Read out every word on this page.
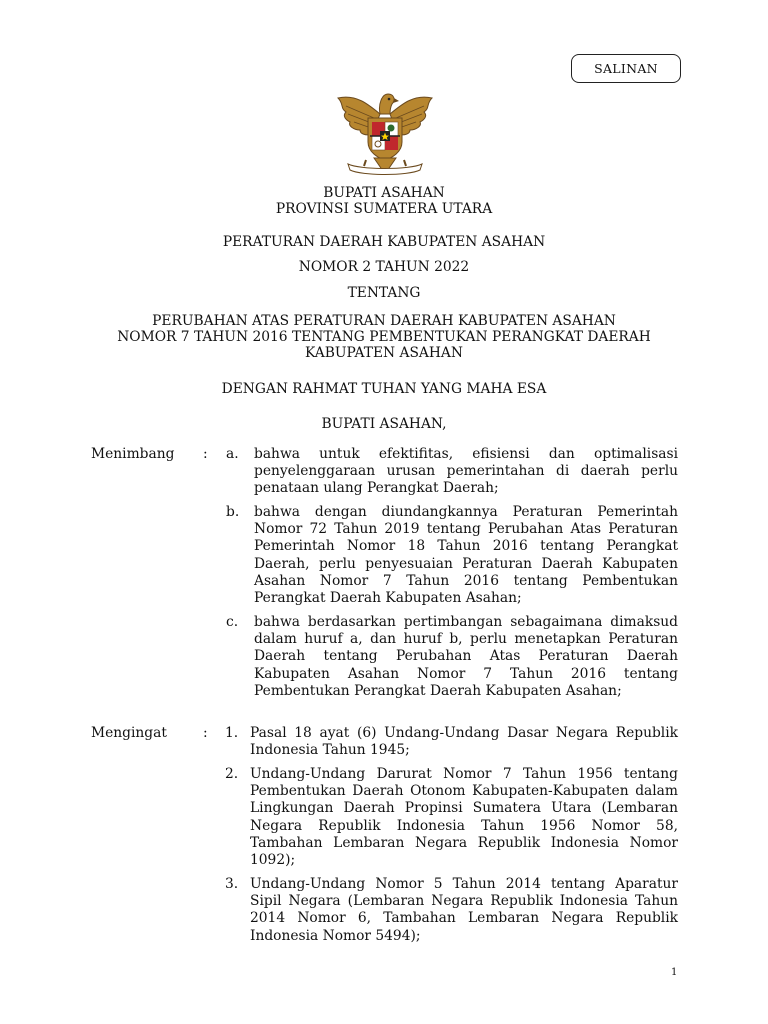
SALINAN
BUPATI ASAHAN
PROVINSI SUMATERA UTARA
PERATURAN DAERAH KABUPATEN ASAHAN
NOMOR 2 TAHUN 2022
TENTANG
PERUBAHAN ATAS PERATURAN DAERAH KABUPATEN ASAHAN
NOMOR 7 TAHUN 2016 TENTANG PEMBENTUKAN PERANGKAT DAERAH
KABUPATEN ASAHAN
DENGAN RAHMAT TUHAN YANG MAHA ESA
BUPATI ASAHAN,
Menimbang : a. bahwa untuk efektifitas, efisiensi dan optimalisasi penyelenggaraan urusan pemerintahan di daerah perlu penataan ulang Perangkat Daerah;
b. bahwa dengan diundangkannya Peraturan Pemerintah Nomor 72 Tahun 2019 tentang Perubahan Atas Peraturan Pemerintah Nomor 18 Tahun 2016 tentang Perangkat Daerah, perlu penyesuaian Peraturan Daerah Kabupaten Asahan Nomor 7 Tahun 2016 tentang Pembentukan Perangkat Daerah Kabupaten Asahan;
c. bahwa berdasarkan pertimbangan sebagaimana dimaksud dalam huruf a, dan huruf b, perlu menetapkan Peraturan Daerah tentang Perubahan Atas Peraturan Daerah Kabupaten Asahan Nomor 7 Tahun 2016 tentang Pembentukan Perangkat Daerah Kabupaten Asahan;
Mengingat	: 1. Pasal 18 ayat (6) Undang-Undang Dasar Negara Republik Indonesia Tahun 1945;
2. Undang-Undang Darurat Nomor 7 Tahun 1956 tentang Pembentukan Daerah Otonom Kabupaten-Kabupaten dalam Lingkungan Daerah Propinsi Sumatera Utara (Lembaran Negara Republik Indonesia Tahun 1956 Nomor 58, Tambahan Lembaran Negara Republik Indonesia Nomor 1092);
3. Undang-Undang Nomor 5 Tahun 2014 tentang Aparatur Sipil Negara (Lembaran Negara Republik Indonesia Tahun 2014 Nomor 6, Tambahan Lembaran Negara Republik Indonesia Nomor 5494);
1
